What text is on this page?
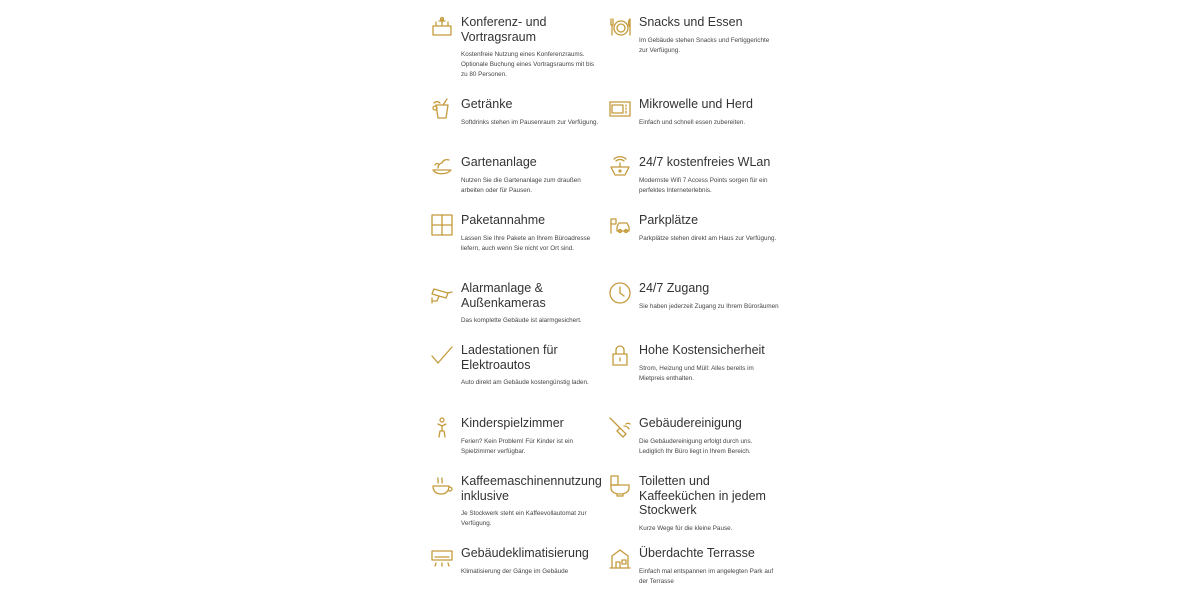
Konferenz- und Vortragsraum

Kostenfreie Nutzung eines Konferenzraums. Optionale Buchung eines Vortragsraums mit bis zu 80 Personen.

Snacks und Essen

Im Gebäude stehen Snacks und Fertiggerichte zur Verfügung.

Getränke

Softdrinks stehen im Pausenraum zur Verfügung.

Mikrowelle und Herd

Einfach und schnell essen zubereiten.

Gartenanlage

Nutzen Sie die Gartenanlage zum draußen arbeiten oder für Pausen.

24/7 kostenfreies WLan

Modernste Wifi 7 Access Points sorgen für ein perfektes Interneterlebnis.

Paketannahme

Lassen Sie Ihre Pakete an Ihrem Büroadresse liefern, auch wenn Sie nicht vor Ort sind.

Parkplätze

Parkplätze stehen direkt am Haus zur Verfügung.

Alarmanlage & Außenkameras

Das komplette Gebäude ist alarmgesichert.

24/7 Zugang

Sie haben jederzeit Zugang zu Ihrem Büroräumen

Ladestationen für Elektroautos

Auto direkt am Gebäude kostengünstig laden.

Hohe Kostensicherheit

Strom, Heizung und Müll: Alles bereits im Mietpreis enthalten.

Kinderspielzimmer

Ferien? Kein Problem! Für Kinder ist ein Spielzimmer verfügbar.

Gebäudereinigung

Die Gebäudereinigung erfolgt durch uns. Lediglich Ihr Büro liegt in Ihrem Bereich.

Kaffeemaschinennutzung inklusive

Je Stockwerk steht ein Kaffeevollautomat zur Verfügung.

Toiletten und Kaffeeküchen in jedem Stockwerk

Kurze Wege für die kleine Pause.

Gebäudeklimatisierung

Klimatisierung der Gänge im Gebäude

Überdachte Terrasse

Einfach mal entspannen im angelegten Park auf der Terrasse
